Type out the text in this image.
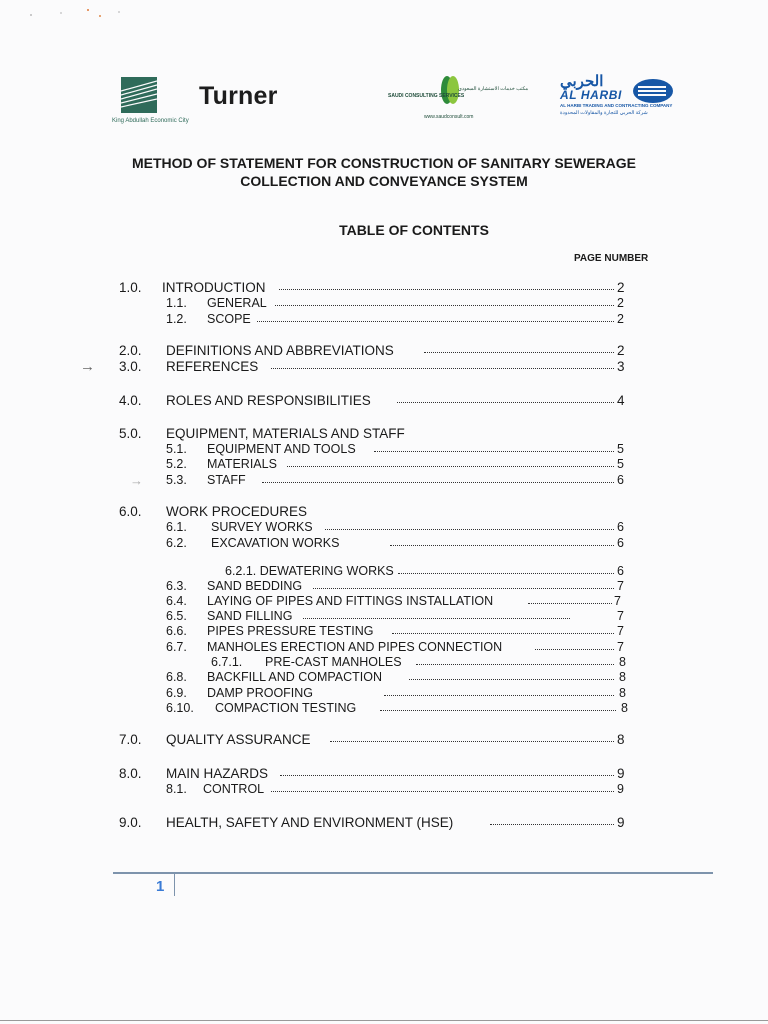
King Abdullah Economic City
Turner	SAUDI CONSULTING SERVICES
مكتب خدمات الاستشارة السعودي
www.saudconsult.com
الحربي
AL HARBI
AL HARBI TRADING AND CONTRACTING COMPANY
شركة الحربي للتجارة والمقاولات المحدودة
METHOD OF STATEMENT FOR CONSTRUCTION OF SANITARY SEWERAGE
COLLECTION AND CONVEYANCE SYSTEM
TABLE OF CONTENTS
PAGE NUMBER
1.0. INTRODUCTION	2
1.1. GENERAL	2
1.2. SCOPE	2
2.0. DEFINITIONS AND ABBREVIATIONS	2
3.0. REFERENCES	3
4.0. ROLES AND RESPONSIBILITIES	4
5.0. EQUIPMENT, MATERIALS AND STAFF
5.1. EQUIPMENT AND TOOLS	5
5.2. MATERIALS	5
5.3. STAFF	6
6.0. WORK PROCEDURES
6.1. SURVEY WORKS	6
6.2. EXCAVATION WORKS	6
6.2.1. DEWATERING WORKS	6
6.3. SAND BEDDING	7
6.4. LAYING OF PIPES AND FITTINGS INSTALLATION	7
6.5. SAND FILLING	7
6.6. PIPES PRESSURE TESTING	7
6.7. MANHOLES ERECTION AND PIPES CONNECTION	7
6.7.1. PRE-CAST MANHOLES	8
6.8. BACKFILL AND COMPACTION	8
6.9. DAMP PROOFING	8
6.10. COMPACTION TESTING	8
7.0. QUALITY ASSURANCE	8
8.0. MAIN HAZARDS	9
8.1. CONTROL	9
9.0. HEALTH, SAFETY AND ENVIRONMENT (HSE)	9
→
→
1
